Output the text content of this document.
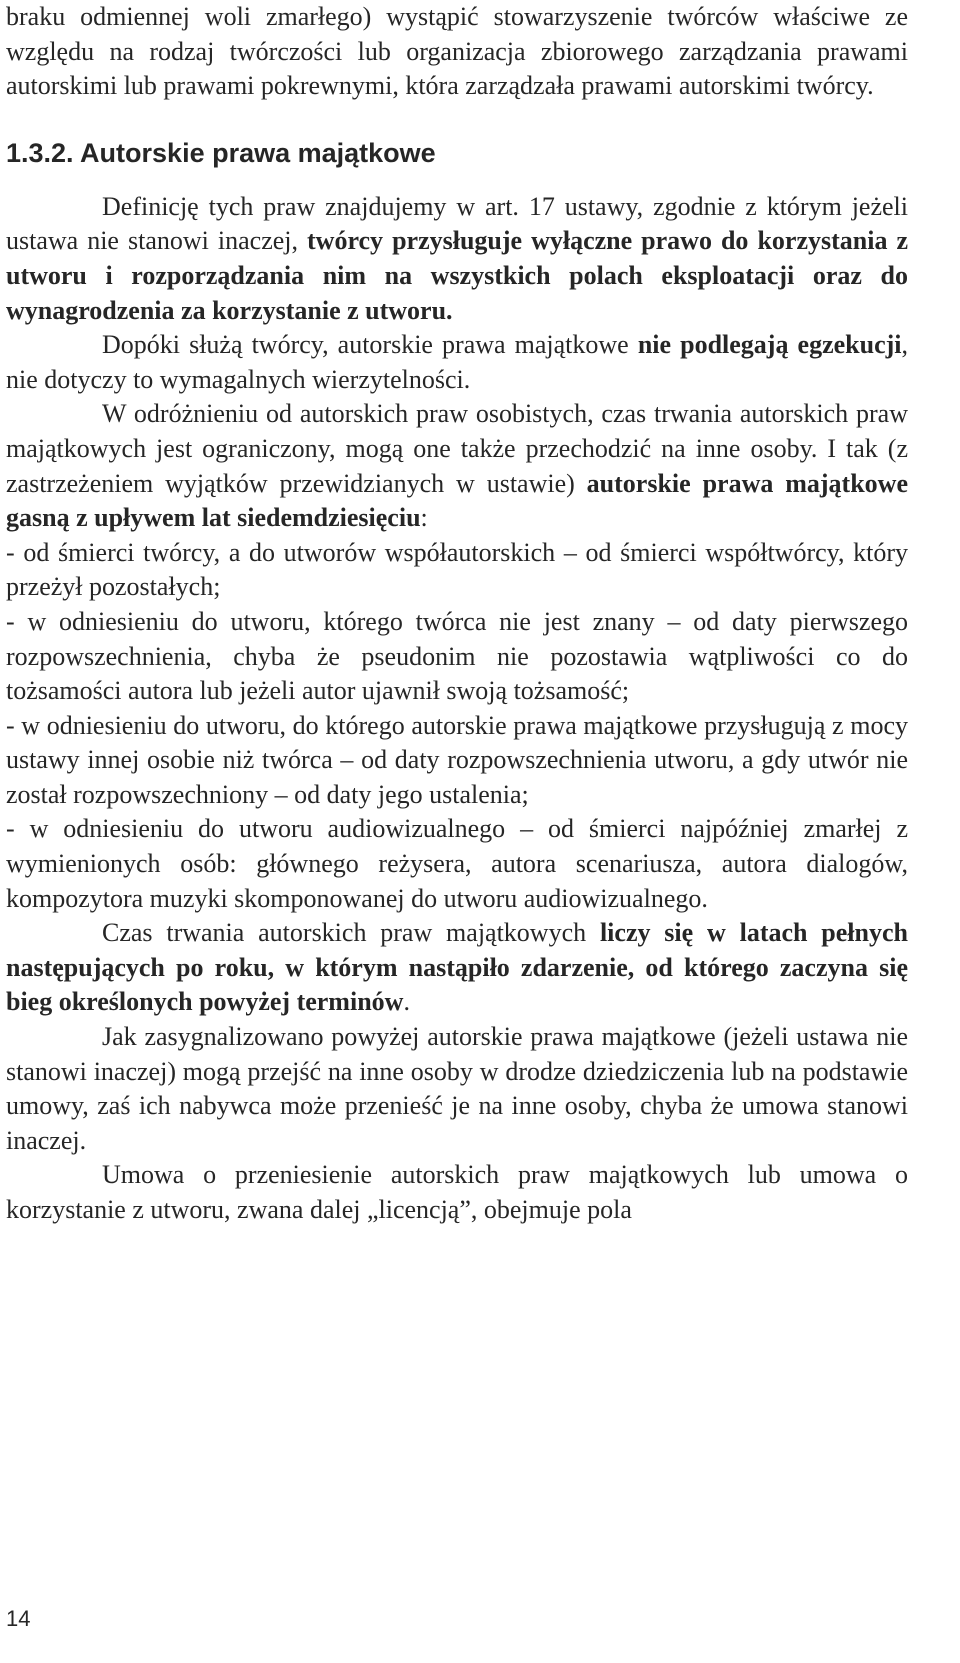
braku odmiennej woli zmarłego) wystąpić stowarzyszenie twórców właściwe ze względu na rodzaj twórczości lub organizacja zbiorowego zarządzania prawami autorskimi lub prawami pokrewnymi, która zarządzała prawami autorskimi twórcy.

1.3.2. Autorskie prawa majątkowe

Definicję tych praw znajdujemy w art. 17 ustawy, zgodnie z którym jeżeli ustawa nie stanowi inaczej, twórcy przysługuje wyłączne prawo do korzystania z utworu i rozporządzania nim na wszystkich polach eksploatacji oraz do wynagrodzenia za korzystanie z utworu.

Dopóki służą twórcy, autorskie prawa majątkowe nie podlegają egzekucji, nie dotyczy to wymagalnych wierzytelności.

W odróżnieniu od autorskich praw osobistych, czas trwania autorskich praw majątkowych jest ograniczony, mogą one także przechodzić na inne osoby. I tak (z zastrzeżeniem wyjątków przewidzianych w ustawie) autorskie prawa majątkowe gasną z upływem lat siedemdziesięciu:

- od śmierci twórcy, a do utworów współautorskich – od śmierci współtwórcy, który przeżył pozostałych;

- w odniesieniu do utworu, którego twórca nie jest znany – od daty pierwszego rozpowszechnienia, chyba że pseudonim nie pozostawia wątpliwości co do tożsamości autora lub jeżeli autor ujawnił swoją tożsamość;

- w odniesieniu do utworu, do którego autorskie prawa majątkowe przysługują z mocy ustawy innej osobie niż twórca – od daty rozpowszechnienia utworu, a gdy utwór nie został rozpowszechniony – od daty jego ustalenia;

- w odniesieniu do utworu audiowizualnego – od śmierci najpóźniej zmarłej z wymienionych osób: głównego reżysera, autora scenariusza, autora dialogów, kompozytora muzyki skomponowanej do utworu audiowizualnego.

Czas trwania autorskich praw majątkowych liczy się w latach pełnych następujących po roku, w którym nastąpiło zdarzenie, od którego zaczyna się bieg określonych powyżej terminów.

Jak zasygnalizowano powyżej autorskie prawa majątkowe (jeżeli ustawa nie stanowi inaczej) mogą przejść na inne osoby w drodze dziedziczenia lub na podstawie umowy, zaś ich nabywca może przenieść je na inne osoby, chyba że umowa stanowi inaczej.

Umowa o przeniesienie autorskich praw majątkowych lub umowa o korzystanie z utworu, zwana dalej „licencją”, obejmuje pola

14
